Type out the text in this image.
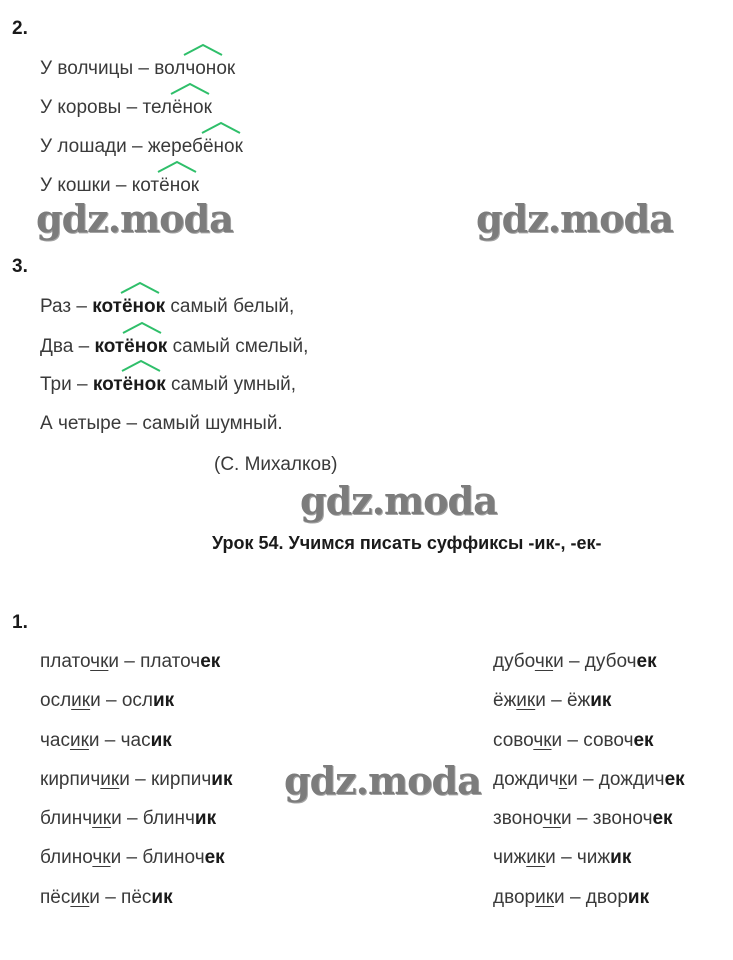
gdz.moda	gdz.moda
gdz.moda
gdz.moda
2.
У волчицы – вол
чонок
У коровы – тел
ёнок
У лошади – жереб
ёнок
У кошки – кот
ёнок
3.
Раз – кот
ёнок самый белый,
Два – кот
ёнок самый смелый,
Три – кот
ёнок самый умный,
А четыре – самый шумный.
(С. Михалков)
Урок 54. Учимся писать суффиксы -ик-, -ек-
1.
платочки – платочек
ослики – ослик
часики – часик
кирпичики – кирпичик
блинчики – блинчик
блиночки – блиночек
пёсики – пёсик
дубочки – дубочек
ёжики – ёжик
совочки – совочек
дождички – дождичек
звоночки – звоночек
чижики – чижик
дворики – дворик
